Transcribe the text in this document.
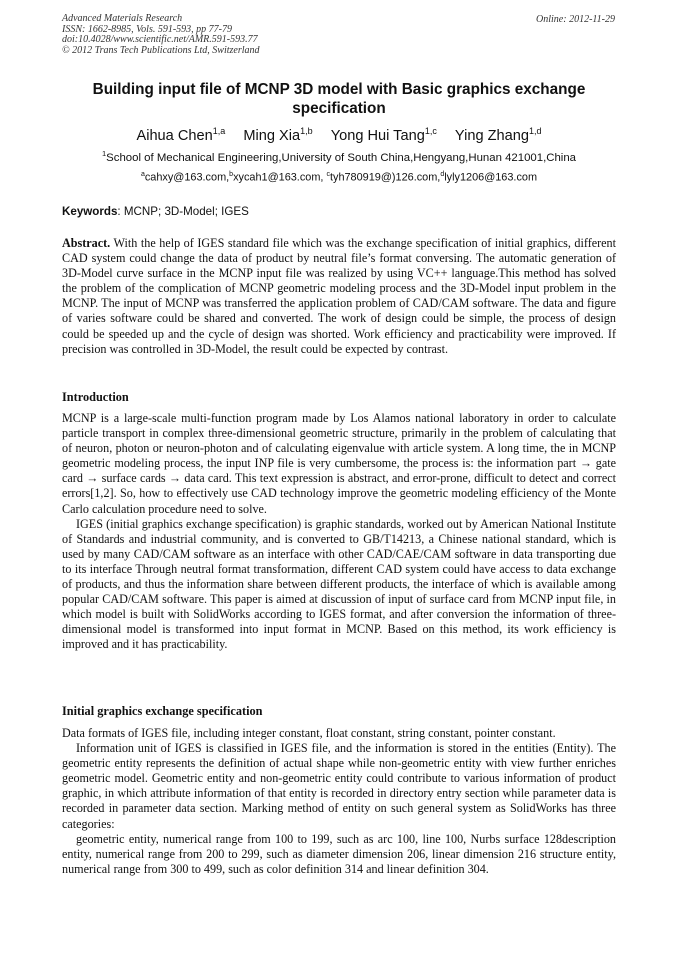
Advanced Materials Research
ISSN: 1662-8985, Vols. 591-593, pp 77-79
doi:10.4028/www.scientific.net/AMR.591-593.77
© 2012 Trans Tech Publications Ltd, Switzerland
Online: 2012-11-29
Building input file of MCNP 3D model with Basic graphics exchange specification
Aihua Chen$^{1,a}$ Ming Xia$^{1,b}$ Yong Hui Tang$^{1,c}$ Ying Zhang$^{1,d}$
$^1$School of Mechanical Engineering,University of South China,Hengyang,Hunan 421001,China
$^a$cahxy@163.com,$^b$xycah1@163.com, $^c$tyh780919@)126.com,$^d$lyly1206@163.com
Keywords: MCNP; 3D-Model; IGES

Abstract. With the help of IGES standard file which was the exchange specification of initial graphics, different CAD system could change the data of product by neutral file’s format conversing. The automatic generation of 3D-Model curve surface in the MCNP input file was realized by using VC++ language.This method has solved the problem of the complication of MCNP geometric modeling process and the 3D-Model input problem in the MCNP. The input of MCNP was transferred the application problem of CAD/CAM software. The data and figure of varies software could be shared and converted. The work of design could be simple, the process of design could be speeded up and the cycle of design was shorted. Work efficiency and practicability were improved. If precision was controlled in 3D-Model, the result could be expected by contrast.

Introduction

MCNP is a large-scale multi-function program made by Los Alamos national laboratory in order to calculate particle transport in complex three-dimensional geometric structure, primarily in the problem of calculating that of neuron, photon or neuron-photon and of calculating eigenvalue with article system. A long time, the in MCNP geometric modeling process, the input INP file is very cumbersome, the process is: the information part → gate card → surface cards → data card. This text expression is abstract, and error-prone, difficult to detect and correct errors[1,2]. So, how to effectively use CAD technology improve the geometric modeling efficiency of the Monte Carlo calculation procedure need to solve.

IGES (initial graphics exchange specification) is graphic standards, worked out by American National Institute of Standards and industrial community, and is converted to GB/T14213, a Chinese national standard, which is used by many CAD/CAM software as an interface with other CAD/CAE/CAM software in data transporting due to its interface Through neutral format transformation, different CAD system could have access to data exchange of products, and thus the information share between different products, the interface of which is available among popular CAD/CAM software. This paper is aimed at discussion of input of surface card from MCNP input file, in which model is built with SolidWorks according to IGES format, and after conversion the information of three-dimensional model is transformed into input format in MCNP. Based on this method, its work efficiency is improved and it has practicability.

Initial graphics exchange specification

Data formats of IGES file, including integer constant, float constant, string constant, pointer constant.

Information unit of IGES is classified in IGES file, and the information is stored in the entities (Entity). The geometric entity represents the definition of actual shape while non-geometric entity with view further enriches geometric model. Geometric entity and non-geometric entity could contribute to various information of product graphic, in which attribute information of that entity is recorded in directory entry section while parameter data is recorded in parameter data section. Marking method of entity on such general system as SolidWorks has three categories:

geometric entity, numerical range from 100 to 199, such as arc 100, line 100, Nurbs surface 128description entity, numerical range from 200 to 299, such as diameter dimension 206, linear dimension 216 structure entity, numerical range from 300 to 499, such as color definition 314 and linear definition 304.
